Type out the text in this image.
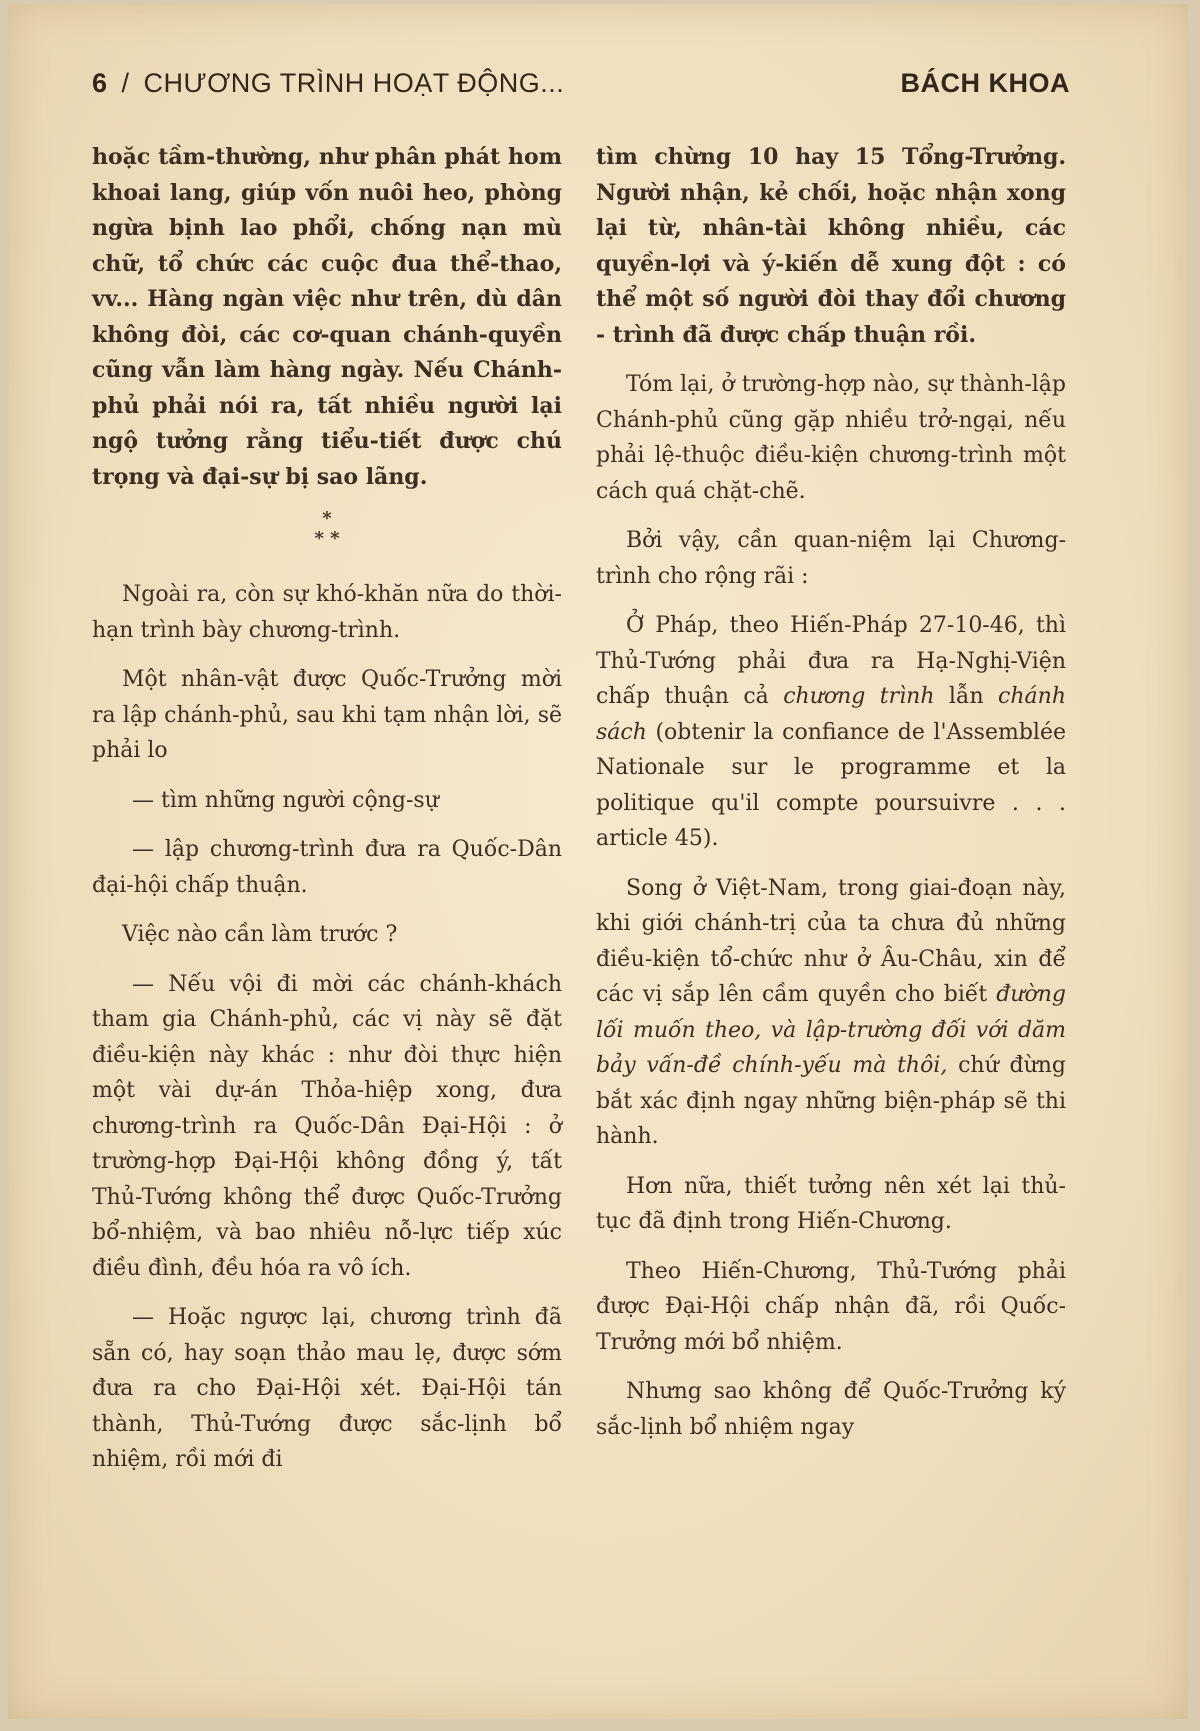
6 / CHƯƠNG TRÌNH HOẠT ĐỘNG...	BÁCH KHOA

hoặc tầm-thường, như phân phát hom khoai lang, giúp vốn nuôi heo, phòng ngừa bịnh lao phổi, chống nạn mù chữ, tổ chức các cuộc đua thể-thao, vv... Hàng ngàn việc như trên, dù dân không đòi, các cơ-quan chánh-quyền cũng vẫn làm hàng ngày. Nếu Chánh-phủ phải nói ra, tất nhiều người lại ngộ tưởng rằng tiểu-tiết được chú trọng và đại-sự bị sao lãng.

*
* *

Ngoài ra, còn sự khó-khăn nữa do thời-hạn trình bày chương-trình.

Một nhân-vật được Quốc-Trưởng mời ra lập chánh-phủ, sau khi tạm nhận lời, sẽ phải lo

— tìm những người cộng-sự

— lập chương-trình đưa ra Quốc-Dân đại-hội chấp thuận.

Việc nào cần làm trước ?

— Nếu vội đi mời các chánh-khách tham gia Chánh-phủ, các vị này sẽ đặt điều-kiện này khác : như đòi thực hiện một vài dự-án Thỏa-hiệp xong, đưa chương-trình ra Quốc-Dân Đại-Hội : ở trường-hợp Đại-Hội không đồng ý, tất Thủ-Tướng không thể được Quốc-Trưởng bổ-nhiệm, và bao nhiêu nỗ-lực tiếp xúc điều đình, đều hóa ra vô ích.

— Hoặc ngược lại, chương trình đã sẵn có, hay soạn thảo mau lẹ, được sớm đưa ra cho Đại-Hội xét. Đại-Hội tán thành, Thủ-Tướng được sắc-lịnh bổ nhiệm, rồi mới đi

tìm chừng 10 hay 15 Tổng-Trưởng. Người nhận, kẻ chối, hoặc nhận xong lại từ, nhân-tài không nhiều, các quyền-lợi và ý-kiến dễ xung đột : có thể một số người đòi thay đổi chương - trình đã được chấp thuận rồi.

Tóm lại, ở trường-hợp nào, sự thành-lập Chánh-phủ cũng gặp nhiều trở-ngại, nếu phải lệ-thuộc điều-kiện chương-trình một cách quá chặt-chẽ.

Bởi vậy, cần quan-niệm lại Chương-trình cho rộng rãi :

Ở Pháp, theo Hiến-Pháp 27-10-46, thì Thủ-Tướng phải đưa ra Hạ-Nghị-Viện chấp thuận cả chương trình lẫn chánh sách (obtenir la confiance de l'Assemblée Nationale sur le programme et la politique qu'il compte poursuivre . . . article 45).

Song ở Việt-Nam, trong giai-đoạn này, khi giới chánh-trị của ta chưa đủ những điều-kiện tổ-chức như ở Âu-Châu, xin để các vị sắp lên cầm quyền cho biết đường lối muốn theo, và lập-trường đối với dăm bảy vấn-đề chính-yếu mà thôi, chứ đừng bắt xác định ngay những biện-pháp sẽ thi hành.

Hơn nữa, thiết tưởng nên xét lại thủ-tục đã định trong Hiến-Chương.

Theo Hiến-Chương, Thủ-Tướng phải được Đại-Hội chấp nhận đã, rồi Quốc-Trưởng mới bổ nhiệm.

Nhưng sao không để Quốc-Trưởng ký sắc-lịnh bổ nhiệm ngay
